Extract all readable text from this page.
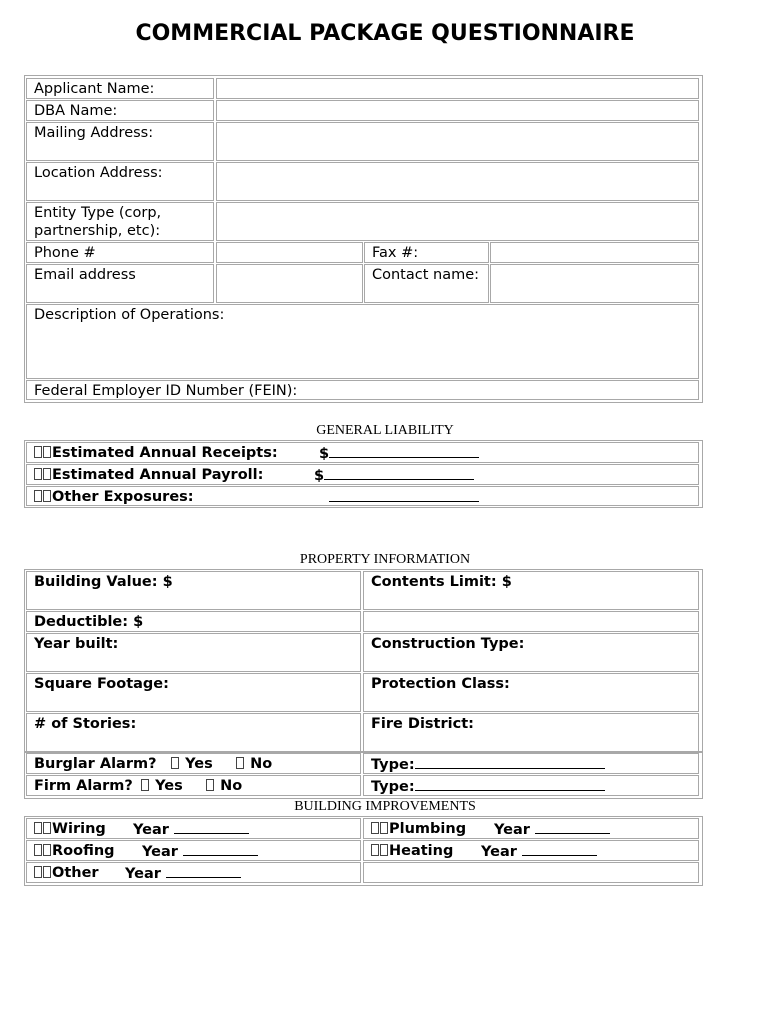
COMMERCIAL PACKAGE QUESTIONNAIRE
Applicant Name:
DBA Name:
Mailing Address:
Location Address:
Entity Type (corp, partnership, etc):
Phone #	Fax #:
Email address	Contact name:
Description of Operations:
Federal Employer ID Number (FEIN):
GENERAL LIABILITY
Estimated Annual Receipts:	$
Estimated Annual Payroll:	$
Other Exposures:
PROPERTY INFORMATION
Building Value: $	Contents Limit: $
Deductible: $
Year built:	Construction Type:
Square Footage:	Protection Class:
# of Stories:	Fire District:
Burglar Alarm?	Yes	No	Type:
Firm Alarm?	Yes	No	Type:
BUILDING IMPROVEMENTS
Wiring Year	Plumbing Year
Roofing Year	Heating Year
Other Year
